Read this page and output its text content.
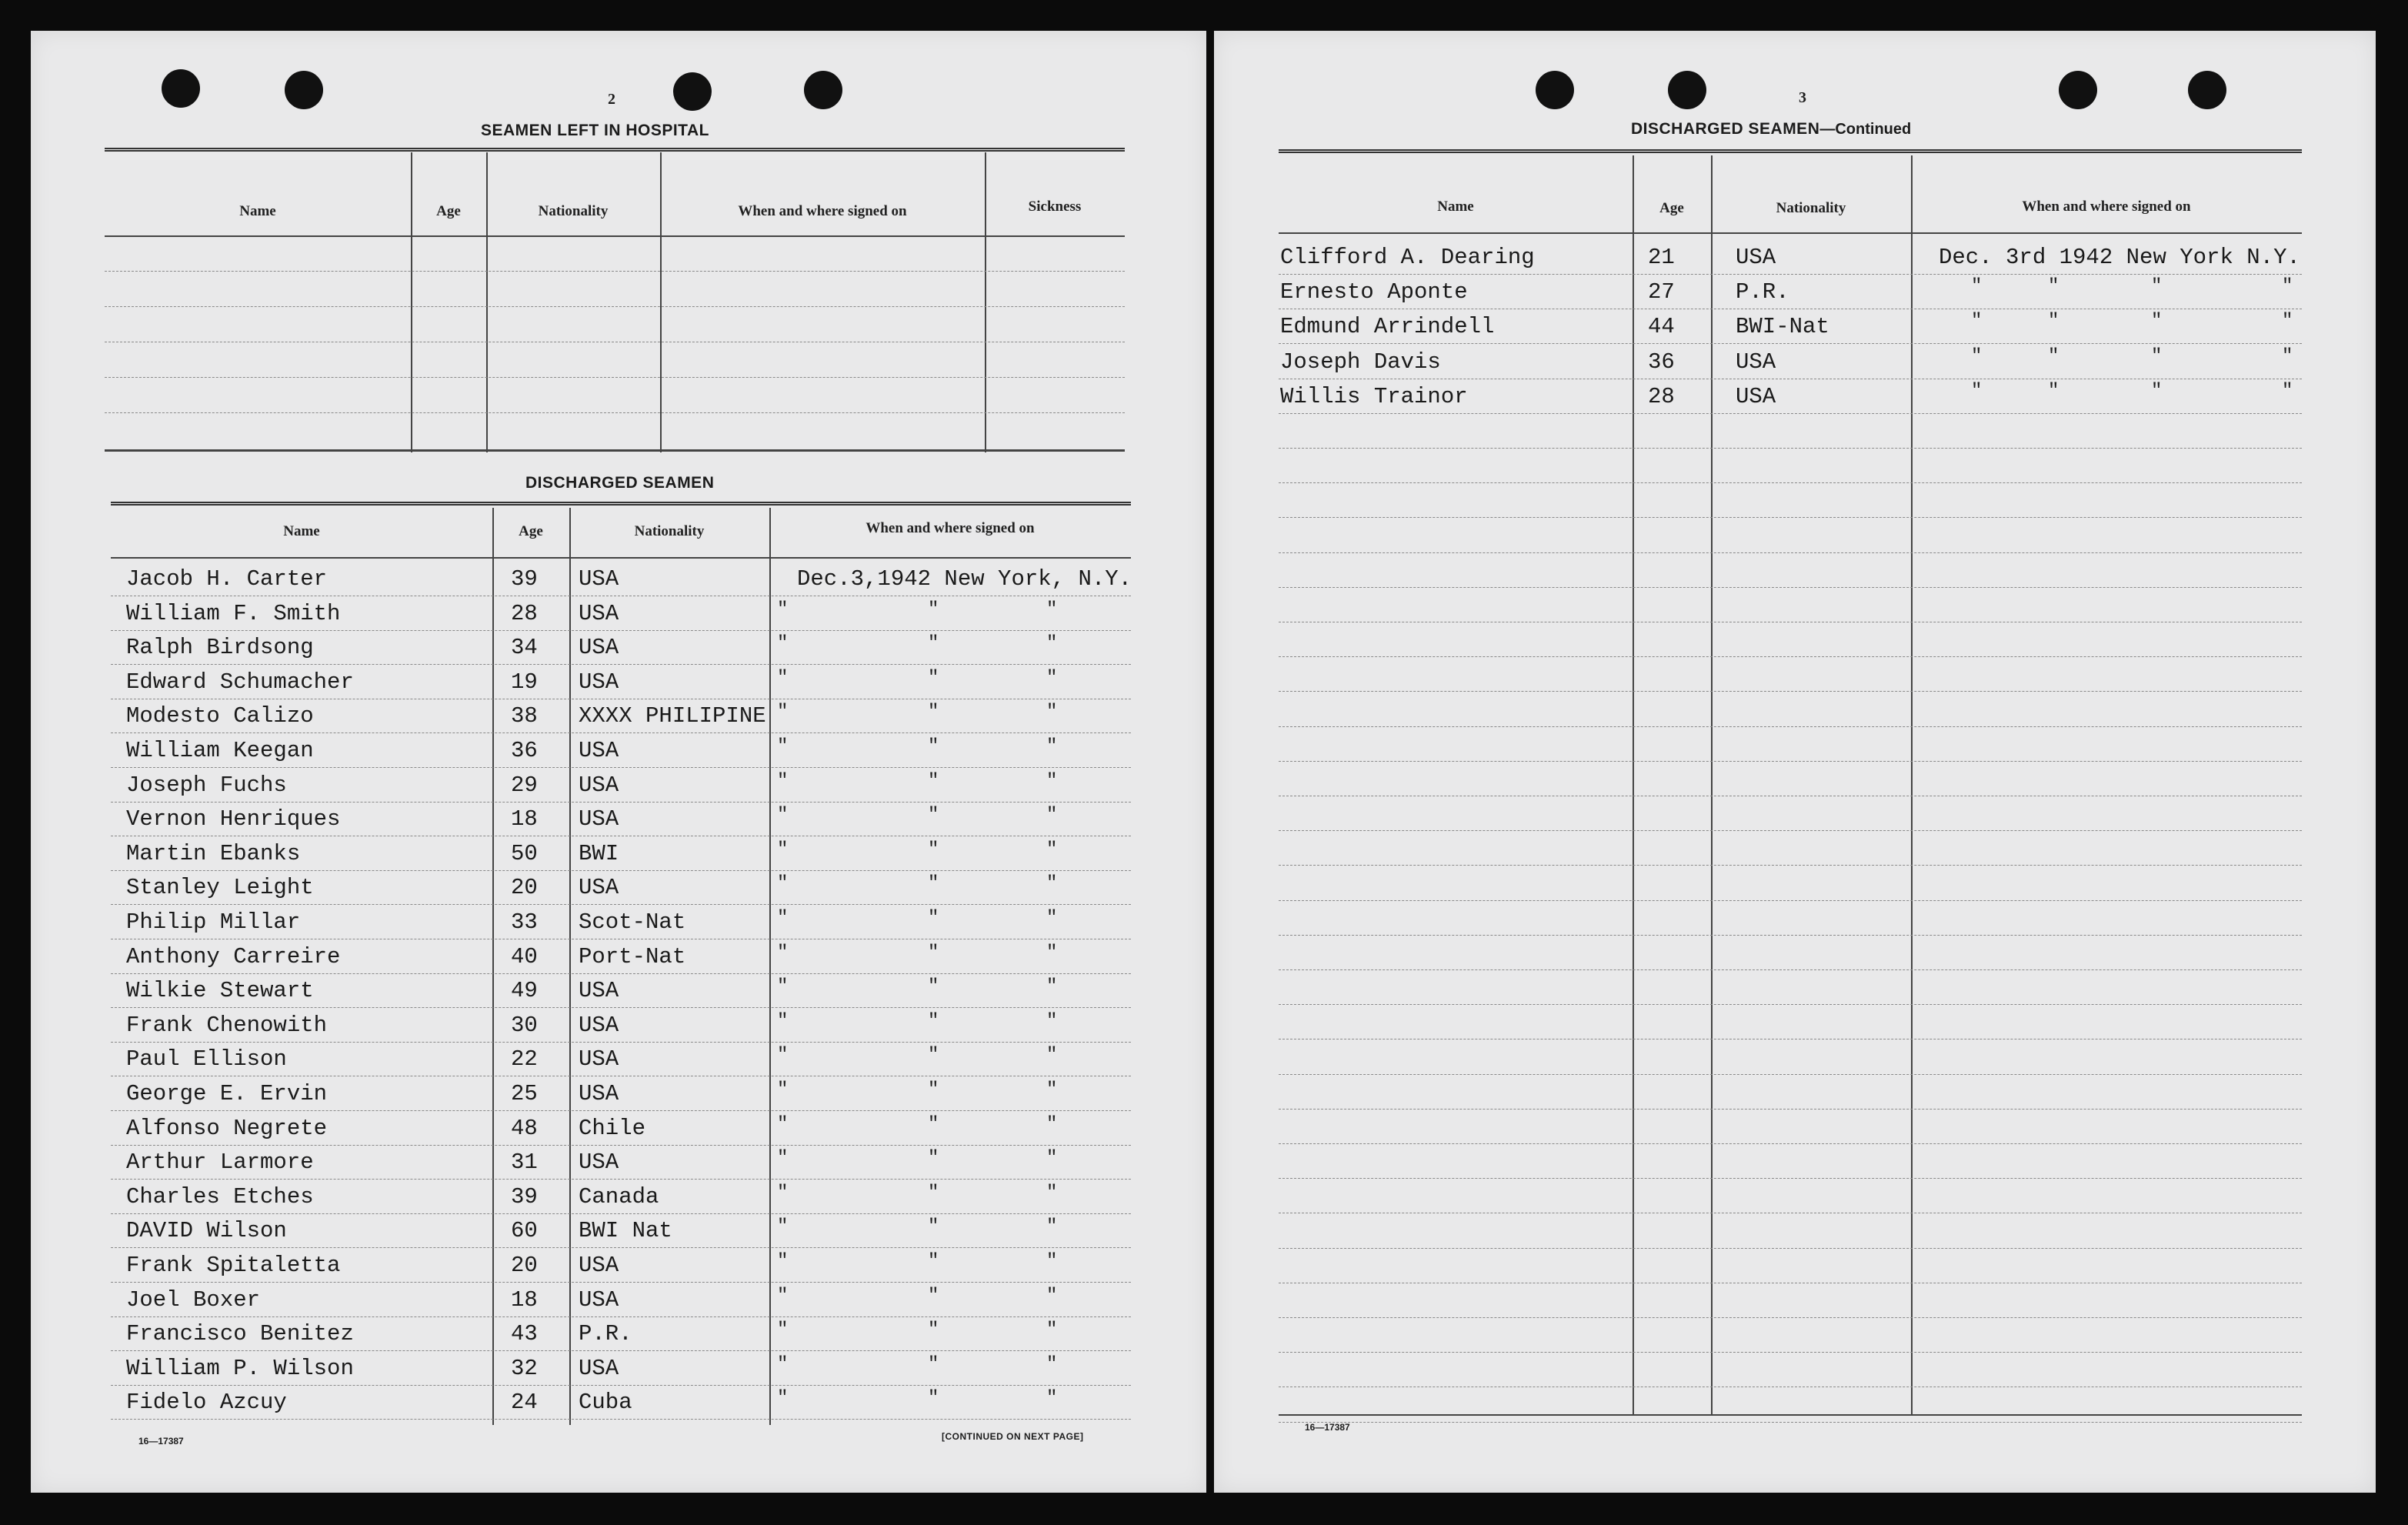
2
SEAMEN LEFT IN HOSPITAL
Name	Age	Nationality	When and where signed on	Sickness
DISCHARGED SEAMEN
Name	Age	Nationality	When and where signed on
Jacob H. Carter	39 USA	Dec.3,1942 New York, N.Y.
William F. Smith	28 USA	"	"	"
Ralph Birdsong	34 USA	"	"	"
Edward Schumacher	19 USA	"	"	"
Modesto Calizo	38 XXXX PHILIPINE "	"	"
William Keegan	36 USA	"	"	"
Joseph Fuchs	29 USA	"	"	"
Vernon Henriques	18 USA	"	"	"
Martin Ebanks	50 BWI	"	"	"
Stanley Leight	20 USA	"	"	"
Philip Millar	33 Scot-Nat	"	"	"
Anthony Carreire	40 Port-Nat	"	"	"
Wilkie Stewart	49 USA	"	"	"
Frank Chenowith	30 USA	"	"	"
Paul Ellison	22 USA	"	"	"
George E. Ervin	25 USA	"	"	"
Alfonso Negrete	48 Chile	"	"	"
Arthur Larmore	31 USA	"	"	"
Charles Etches	39 Canada	"	"	"
DAVID Wilson	60 BWI Nat	"	"	"
Frank Spitaletta	20 USA	"	"	"
Joel Boxer	18 USA	"	"	"
Francisco Benitez	43 P.R.	"	"	"
William P. Wilson	32 USA	"	"	"
Fidelo Azcuy	24 Cuba	"	"	"
16—17387	[CONTINUED ON NEXT PAGE]
3
DISCHARGED SEAMEN—Continued
Name	Age	Nationality	When and where signed on
Clifford A. Dearing	21	USA	Dec. 3rd 1942 New York N.Y.
Ernesto Aponte	27	P.R.	"	"	"	"
Edmund Arrindell	44	BWI-Nat	"	"	"	"
Joseph Davis	36	USA	"	"	"	"
Willis Trainor	28	USA	"	"	"	"
16—17387
